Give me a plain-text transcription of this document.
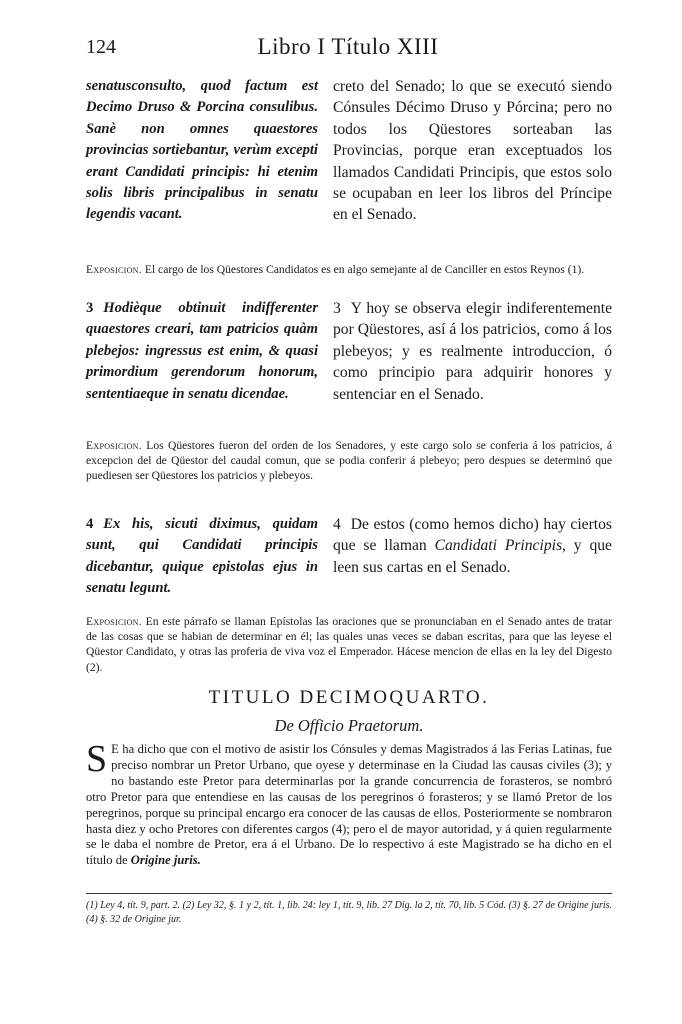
124	Libro I Título XIII
senatusconsulto, quod factum est Decimo Druso & Porcina consulibus. Sanè non omnes quaestores provincias sortiebantur, verùm excepti erant Candidati principis: hi etenim solis libris principalibus in senatu legendis vacant.
creto del Senado; lo que se executó siendo Cónsules Décimo Druso y Pórcina; pero no todos los Qüestores sorteaban las Provincias, porque eran exceptuados los llamados Candidati Principis, que estos solo se ocupaban en leer los libros del Príncipe en el Senado.
Exposicion. El cargo de los Qüestores Candidatos es en algo semejante al de Canciller en estos Reynos (1).
3 Hodièque obtinuit indifferenter quaestores creari, tam patricios quàm plebejos: ingressus est enim, & quasi primordium gerendorum honorum, sententiaeque in senatu dicendae.
3 Y hoy se observa elegir indiferentemente por Qüestores, así á los patricios, como á los plebeyos; y es realmente introduccion, ó como principio para adquirir honores y sentenciar en el Senado.
Exposicion. Los Qüestores fueron del orden de los Senadores, y este cargo solo se conferia á los patricios, á excepcion del de Qüestor del caudal comun, que se podia conferir á plebeyo; pero despues se determinó que puediesen ser Qüestores los patricios y plebeyos.
4 Ex his, sicuti diximus, quidam sunt, qui Candidati principis dicebantur, quique epistolas ejus in senatu legunt.
4 De estos (como hemos dicho) hay ciertos que se llaman Candidati Principis, y que leen sus cartas en el Senado.
Exposicion. En este párrafo se llaman Epístolas las oraciones que se pronunciaban en el Senado antes de tratar de las cosas que se habian de determinar en él; las quales unas veces se daban escritas, para que las leyese el Qüestor Candidato, y otras las proferia de viva voz el Emperador. Hácese mencion de ellas en la ley del Digesto (2).
TITULO DECIMOQUARTO.
De Officio Praetorum.
S E ha dicho que con el motivo de asistir los Cónsules y demas Magistrados á las Ferias Latinas, fue preciso nombrar un Pretor Urbano, que oyese y determinase en la Ciudad las causas civiles (3); y no bastando este Pretor para determinarlas por la grande concurrencia de forasteros, se nombró otro Pretor para que entendiese en las causas de los peregrinos ó forasteros; y se llamó Pretor de los peregrinos, porque su principal encargo era conocer de las causas de ellos. Posteriormente se nombraron hasta diez y ocho Pretores con diferentes cargos (4); pero el de mayor autoridad, y á quien regularmente se le daba el nombre de Pretor, era á el Urbano. De lo respectivo á este Magistrado se ha dicho en el título de Origine juris.
(1) Ley 4, tít. 9, part. 2. (2) Ley 32, §. 1 y 2, tít. 1, lib. 24: ley 1, tít. 9, lib. 27 Dig. la 2, tít. 70, lib. 5 Cód. (3) §. 27 de Origine juris. (4) §. 32 de Origine jur.
